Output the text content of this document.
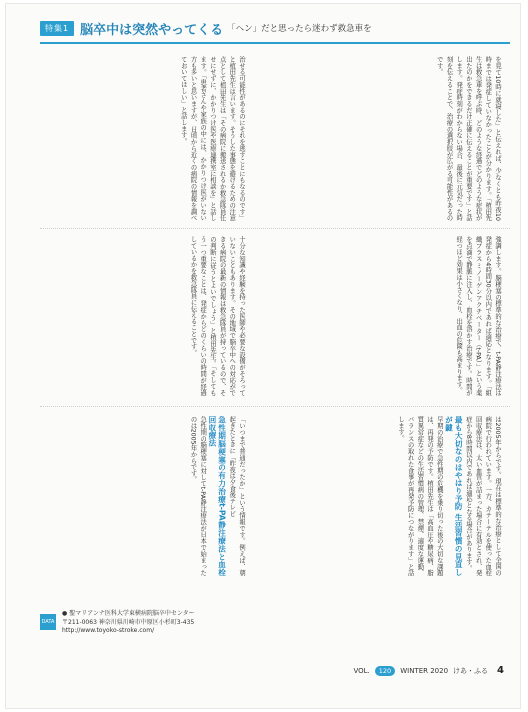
特集1 脳卒中は突然やってくる 「ヘン」だと思ったら迷わず救急車を

を見て10時に就寝した」と伝えれば、少なくとも昨夜10時までは発症していなかったことが分かります。「植田先生は救急車を呼ぶ時、どのような経過でどのような症状が出たのかをできるだけ正確に伝えることが重要です」と話します。発症時刻がわからない場合、最後に元気だった時刻を伝えることで、治療の選択肢が広がる可能性があるのです。

治せる可能性があるのにそれを逃すことにもなるのです」と植田先生は言います。そうした事態を避けるための注意点として植田先生は「その病院に搬送されるか救急隊員任せにせずに、かかりつけ医や医療連携室に相談を」と話します。「患者さんや家族の中には、かかりつけ医がいない方も多いと思いますが、日頃から近くの病院の情報を調べておいてほしい」と話します。

強調します。脳梗塞の標準的な治療で、t-PA静注療法は発症から4時間30分以内であれば適応となります。「組織プラスミノーゲンアクチベーター（t-PA）」という薬を点滴で静脈に注入し、血栓を溶かす治療です。時間が経つほど効果は小さくなり、出血の危険も高まります。

十分な知識や経験を持った医師や必要な設備がそろっていないこともあります。その地域で脳卒中への対応ができる病院の最新の情報は救急隊員が持っているので、その判断に従うとよいでしょう」と植田先生。「そしてもう一つ重要なことは、発症からどのくらいの時間が経過しているかを救急隊員に伝えることです。

は2005年からです。現在は標準的な治療として全国の病院で行われています。一方、カテーテルを使った血栓回収療法は、太い血管が詰まった場合に有効とされ、発症から8時間以内であれば適応となる場合があります。

最も大切なのはやはり予防 生活習慣の見直しが鍵

早期の治療で急性期の危機を乗り切った後の大切な課題は、再発の予防です。植田先生は「高血圧や糖尿病、脂質異常症などの生活習慣病の管理、禁煙、適度な運動、バランスの取れた食事が再発予防につながります」と話します。

「いつまで普通だったか」という情報です。例えば、朝起きたときに「昨夜は夕食後テレビ

急性期脳梗塞の有力治療t-PA静注療法と血栓回収療法

急性期の脳梗塞に対してt-PA静注療法が日本で始まったのは2005年からです。

DATA
● 聖マリアンナ医科大学東横病院脳卒中センター
〒211-0063 神奈川県川崎市中原区小杉町3-435
http://www.toyoko-stroke.com/
VOL.	120	WINTER 2020 けあ・ふる 4
